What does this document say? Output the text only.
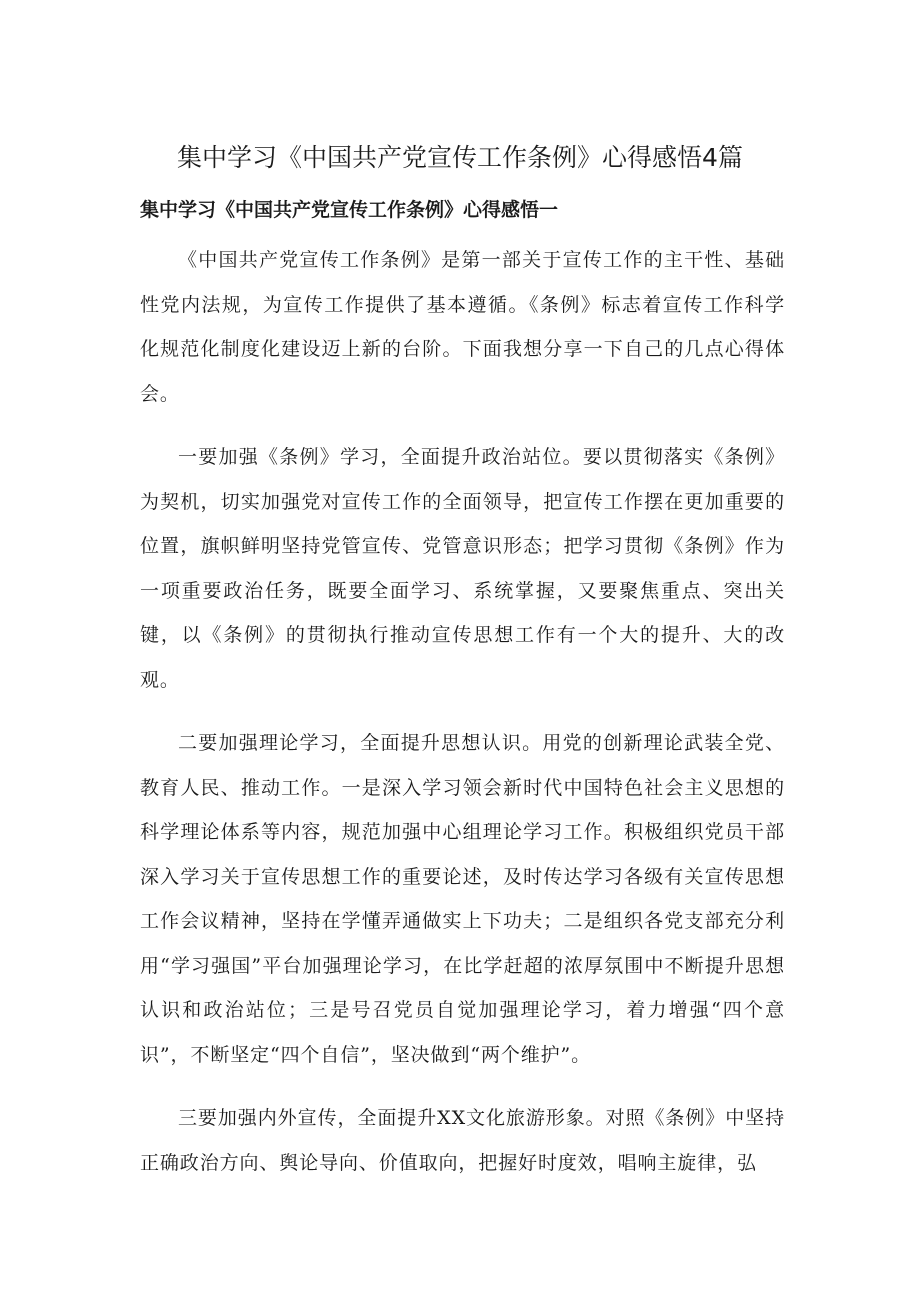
集中学习《中国共产党宣传工作条例》心得感悟4篇
集中学习《中国共产党宣传工作条例》心得感悟一

《中国共产党宣传工作条例》是第一部关于宣传工作的主干性、基础性党内法规，为宣传工作提供了基本遵循。《条例》标志着宣传工作科学化规范化制度化建设迈上新的台阶。下面我想分享一下自己的几点心得体会。

一要加强《条例》学习，全面提升政治站位。要以贯彻落实《条例》为契机，切实加强党对宣传工作的全面领导，把宣传工作摆在更加重要的位置，旗帜鲜明坚持党管宣传、党管意识形态；把学习贯彻《条例》作为一项重要政治任务，既要全面学习、系统掌握，又要聚焦重点、突出关键，以《条例》的贯彻执行推动宣传思想工作有一个大的提升、大的改观。

二要加强理论学习，全面提升思想认识。用党的创新理论武装全党、教育人民、推动工作。一是深入学习领会新时代中国特色社会主义思想的科学理论体系等内容，规范加强中心组理论学习工作。积极组织党员干部深入学习关于宣传思想工作的重要论述，及时传达学习各级有关宣传思想工作会议精神，坚持在学懂弄通做实上下功夫；二是组织各党支部充分利用“学习强国”平台加强理论学习，在比学赶超的浓厚氛围中不断提升思想认识和政治站位；三是号召党员自觉加强理论学习，着力增强“四个意识”，不断坚定“四个自信”，坚决做到“两个维护”。

三要加强内外宣传，全面提升XX文化旅游形象。对照《条例》中坚持正确政治方向、舆论导向、价值取向，把握好时度效，唱响主旋律，弘
